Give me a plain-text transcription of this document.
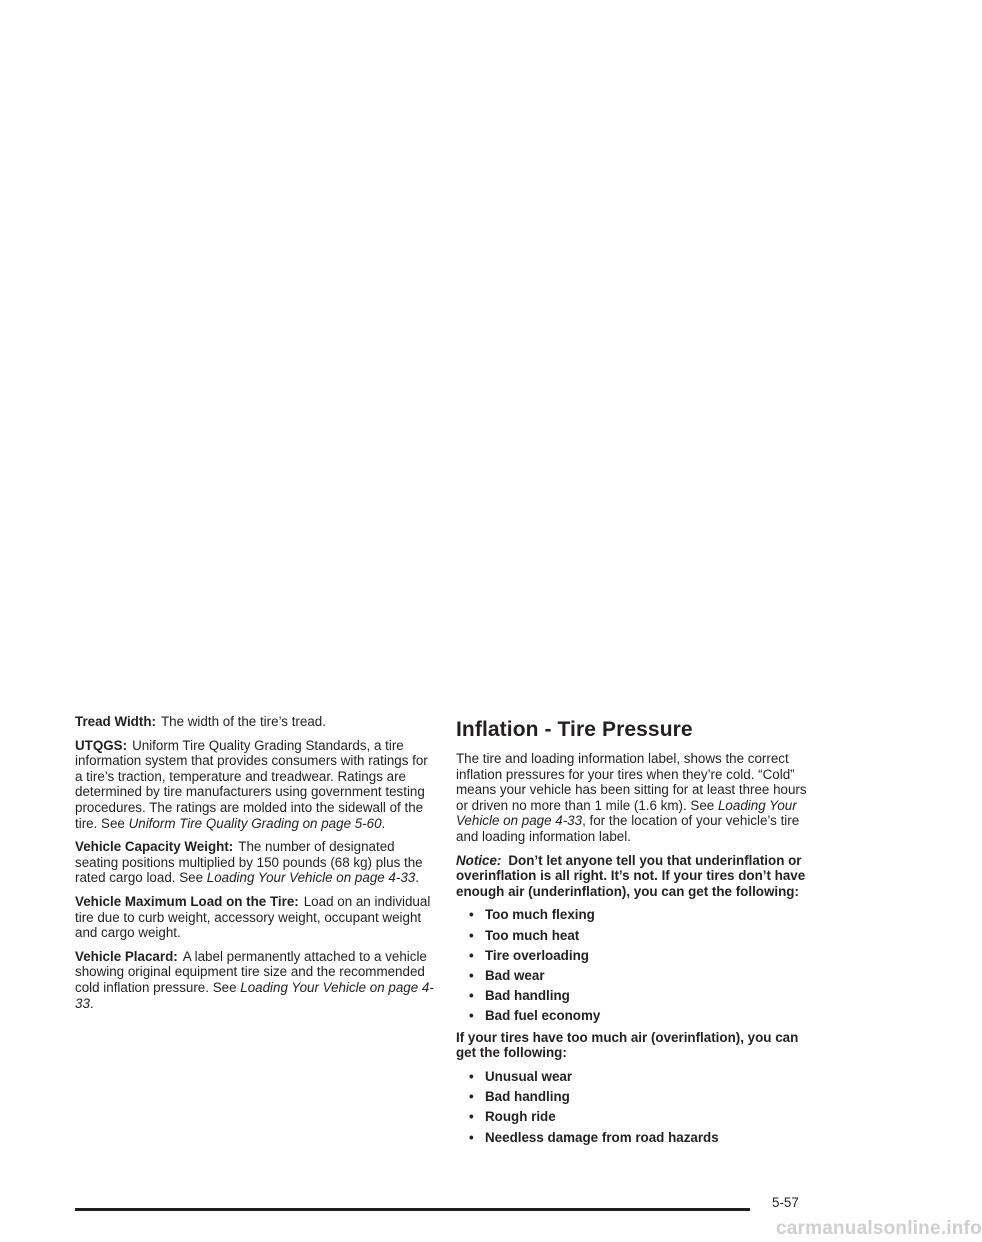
Tread Width: The width of the tire’s tread.

UTQGS: Uniform Tire Quality Grading Standards, a tire information system that provides consumers with ratings for a tire’s traction, temperature and treadwear. Ratings are determined by tire manufacturers using government testing procedures. The ratings are molded into the sidewall of the tire. See Uniform Tire Quality Grading on page 5-60.

Vehicle Capacity Weight: The number of designated seating positions multiplied by 150 pounds (68 kg) plus the rated cargo load. See Loading Your Vehicle on page 4-33.

Vehicle Maximum Load on the Tire: Load on an individual tire due to curb weight, accessory weight, occupant weight and cargo weight.

Vehicle Placard: A label permanently attached to a vehicle showing original equipment tire size and the recommended cold inflation pressure. See Loading Your Vehicle on page 4-33.

Inflation - Tire Pressure

The tire and loading information label, shows the correct inflation pressures for your tires when they’re cold. “Cold” means your vehicle has been sitting for at least three hours or driven no more than 1 mile (1.6 km). See Loading Your Vehicle on page 4-33, for the location of your vehicle’s tire and loading information label.

Notice: Don’t let anyone tell you that underinflation or overinflation is all right. It’s not. If your tires don’t have enough air (underinflation), you can get the following:

• Too much flexing
• Too much heat
• Tire overloading
• Bad wear
• Bad handling
• Bad fuel economy

If your tires have too much air (overinflation), you can get the following:

• Unusual wear
• Bad handling
• Rough ride
• Needless damage from road hazards
5-57
carmanualsonline.info
